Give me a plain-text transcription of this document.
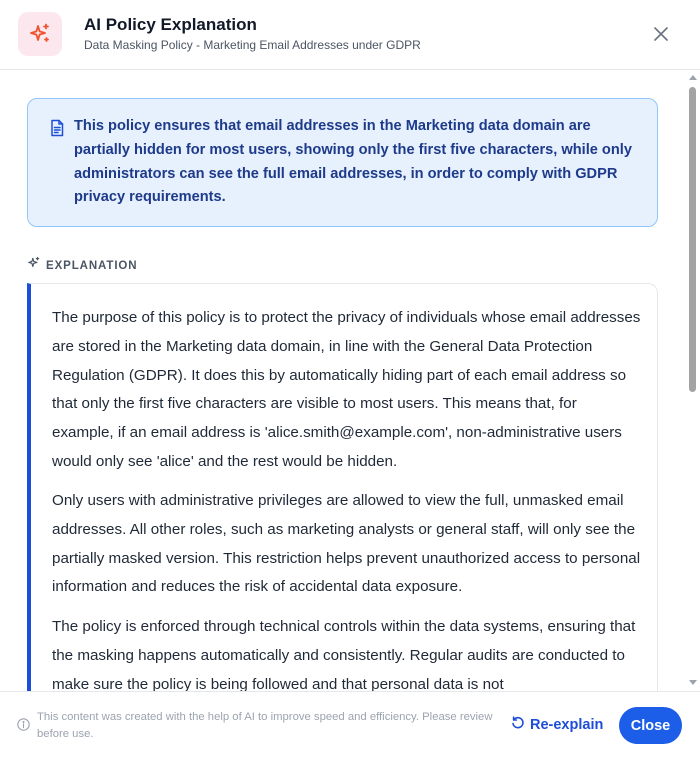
AI Policy Explanation
Data Masking Policy - Marketing Email Addresses under GDPR
This policy ensures that email addresses in the Marketing data domain are partially hidden for most users, showing only the first five characters, while only administrators can see the full email addresses, in order to comply with GDPR privacy requirements.
EXPLANATION

The purpose of this policy is to protect the privacy of individuals whose email addresses are stored in the Marketing data domain, in line with the General Data Protection Regulation (GDPR). It does this by automatically hiding part of each email address so that only the first five characters are visible to most users. This means that, for example, if an email address is 'alice.smith@example.com', non-administrative users would only see 'alice' and the rest would be hidden.

Only users with administrative privileges are allowed to view the full, unmasked email addresses. All other roles, such as marketing analysts or general staff, will only see the partially masked version. This restriction helps prevent unauthorized access to personal information and reduces the risk of accidental data exposure.

The policy is enforced through technical controls within the data systems, ensuring that the masking happens automatically and consistently. Regular audits are conducted to make sure the policy is being followed and that personal data is not

This content was created with the help of AI to improve speed and efficiency. Please review before use.
Re-explain	Close
